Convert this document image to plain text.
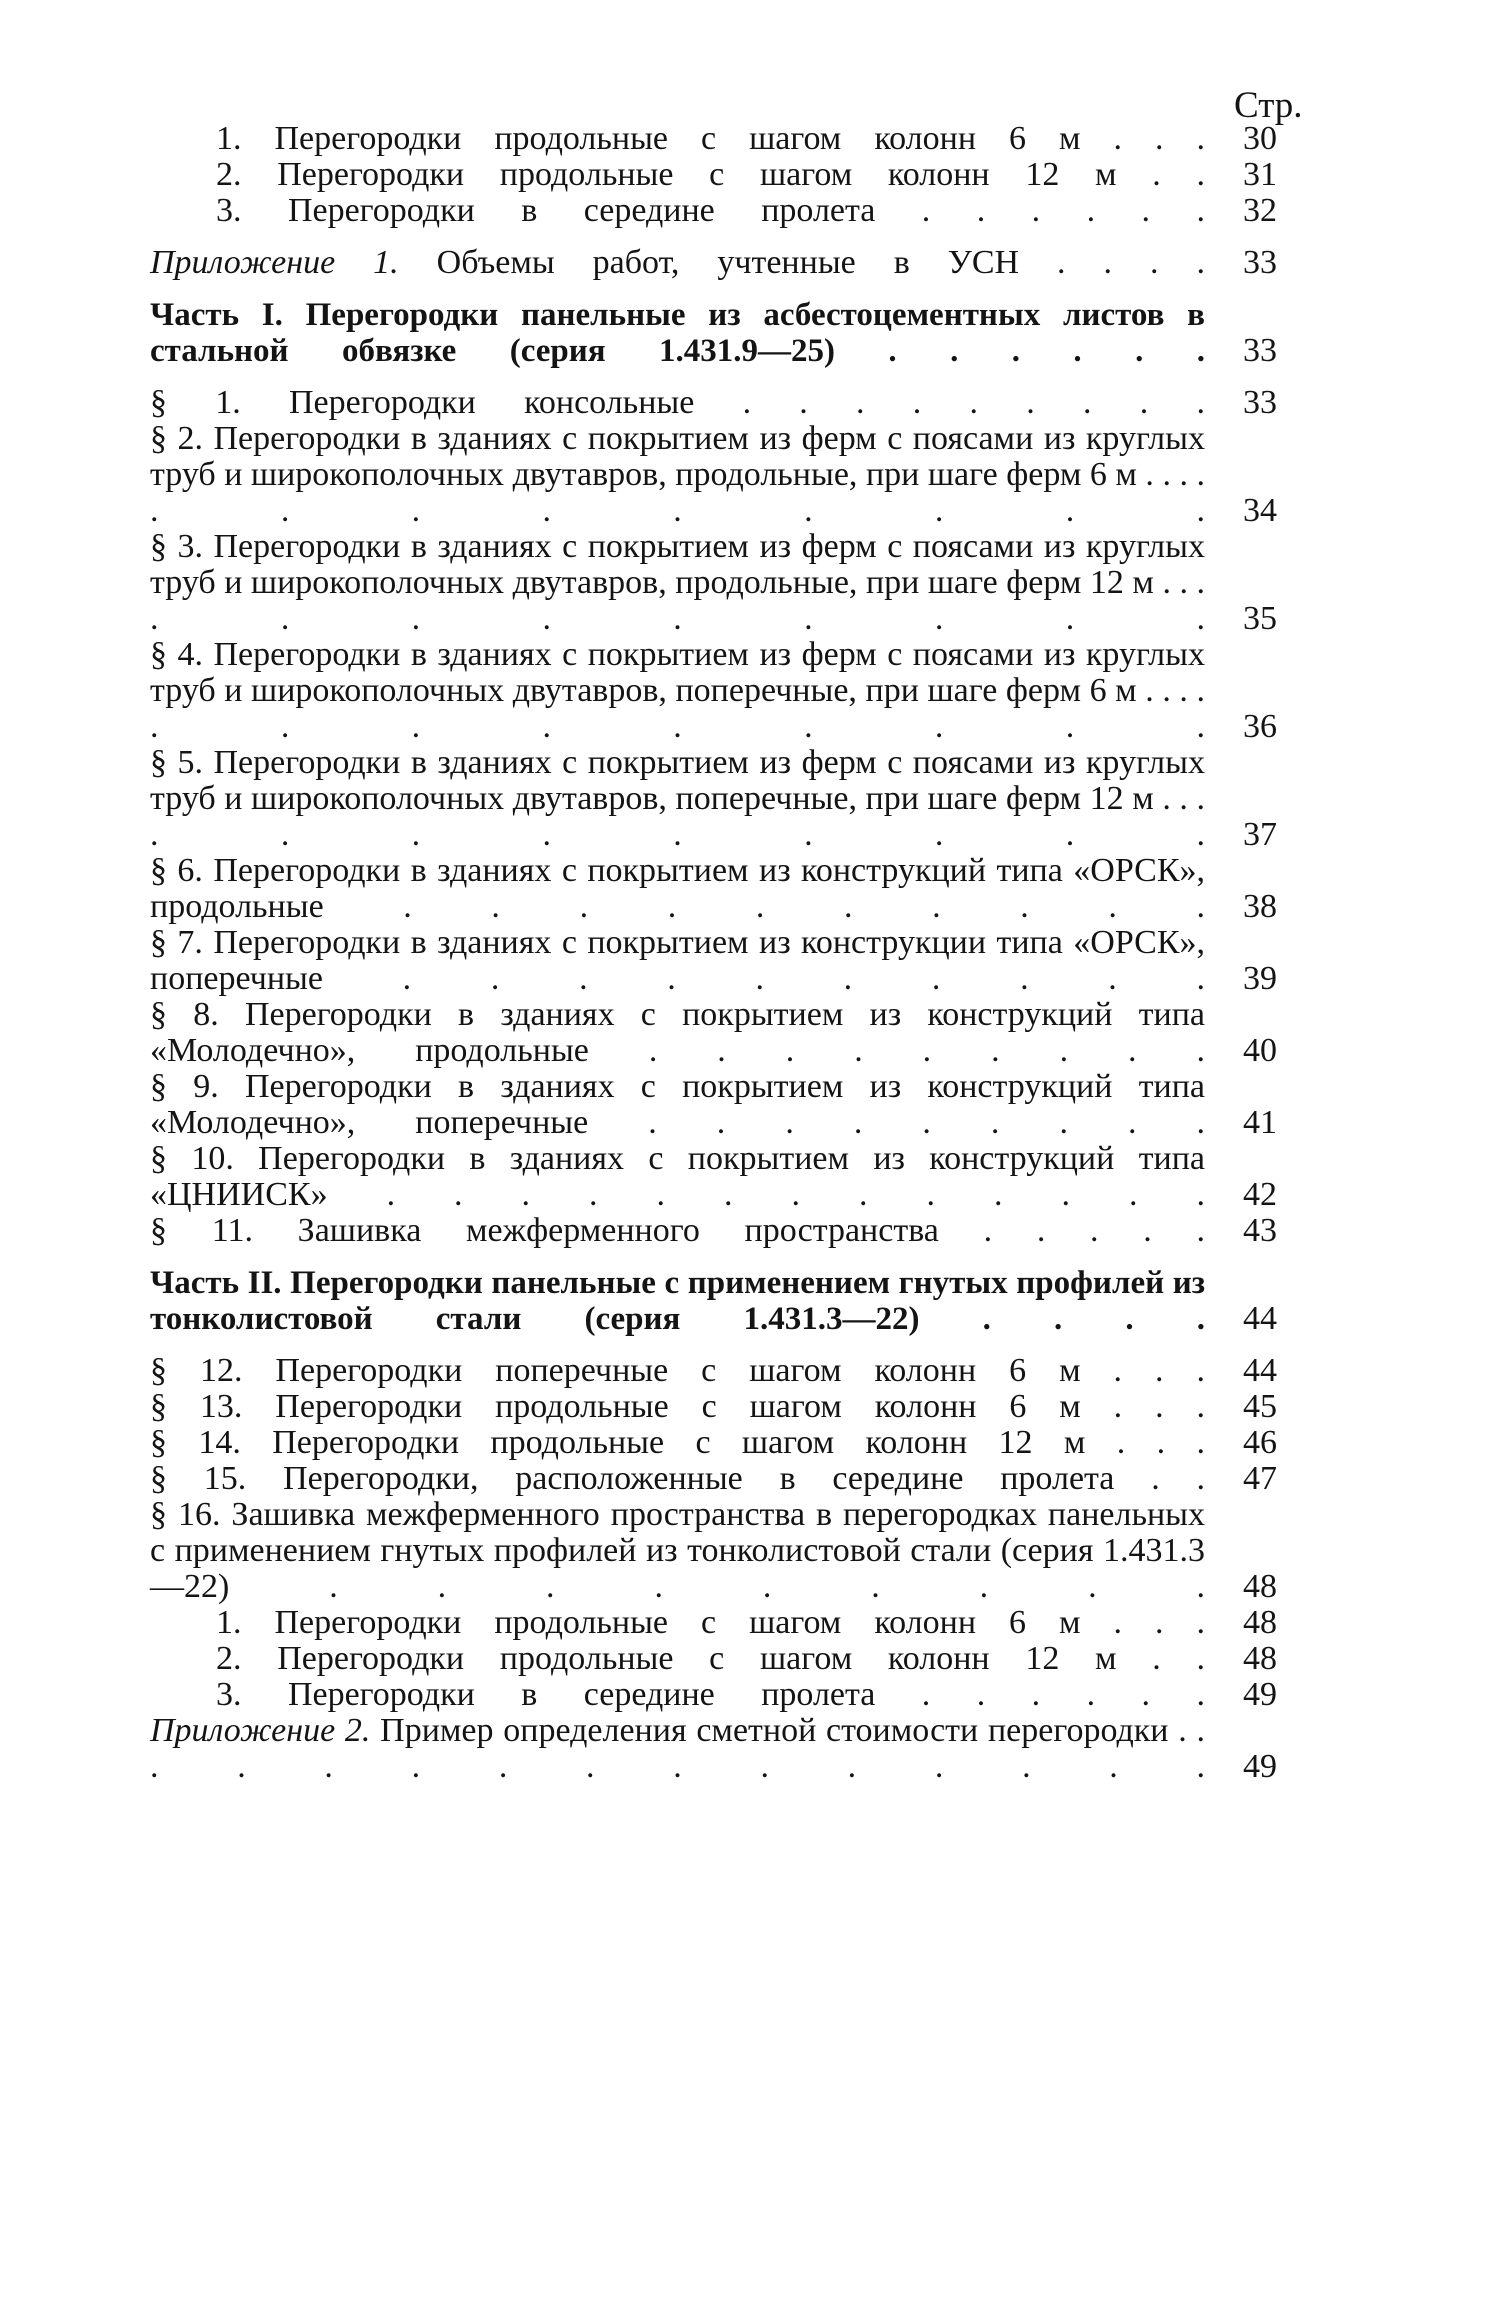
Стр.
1. Перегородки продольные с шагом колонн 6 м . . .	30
2. Перегородки продольные с шагом колонн 12 м . .	31
3. Перегородки в середине пролета . . . . . .	32
Приложение 1. Объемы работ, учтенные в УСН . . . .	33
Часть I. Перегородки панельные из асбестоцементных листов в стальной обвязке (серия 1.431.9—25) . . . . . .	33
§ 1. Перегородки консольные . . . . . . . . .	33
§ 2. Перегородки в зданиях с покрытием из ферм с поясами из круглых труб и широкополочных двутавров, продольные, при шаге ферм 6 м . . . . . . . . . . . . .	34
§ 3. Перегородки в зданиях с покрытием из ферм с поясами из круглых труб и широкополочных двутавров, продольные, при шаге ферм 12 м . . . . . . . . . . . .	35
§ 4. Перегородки в зданиях с покрытием из ферм с поясами из круглых труб и широкополочных двутавров, поперечные, при шаге ферм 6 м . . . . . . . . . . . . .	36
§ 5. Перегородки в зданиях с покрытием из ферм с поясами из круглых труб и широкополочных двутавров, поперечные, при шаге ферм 12 м . . . . . . . . . . . .	37
§ 6. Перегородки в зданиях с покрытием из конструкций типа «ОРСК», продольные . . . . . . . . . .	38
§ 7. Перегородки в зданиях с покрытием из конструкции типа «ОРСК», поперечные . . . . . . . . . .	39
§ 8. Перегородки в зданиях с покрытием из конструкций типа «Молодечно», продольные . . . . . . . . .	40
§ 9. Перегородки в зданиях с покрытием из конструкций типа «Молодечно», поперечные . . . . . . . . .	41
§ 10. Перегородки в зданиях с покрытием из конструкций типа «ЦНИИСК» . . . . . . . . . . . . .	42
§ 11. Зашивка межферменного пространства . . . . .	43
Часть II. Перегородки панельные с применением гнутых профилей из тонколистовой стали (серия 1.431.3—22) . . . .	44
§ 12. Перегородки поперечные с шагом колонн 6 м . . .	44
§ 13. Перегородки продольные с шагом колонн 6 м . . .	45
§ 14. Перегородки продольные с шагом колонн 12 м . . .	46
§ 15. Перегородки, расположенные в середине пролета . .	47
§ 16. Зашивка межферменного пространства в перегородках панельных с применением гнутых профилей из тонколистовой стали (серия 1.431.3—22) . . . . . . . . .	48
1. Перегородки продольные с шагом колонн 6 м . . .	48
2. Перегородки продольные с шагом колонн 12 м . .	48
3. Перегородки в середине пролета . . . . . .	49
Приложение 2. Пример определения сметной стоимости перегородки . . . . . . . . . . . . . . .	49
